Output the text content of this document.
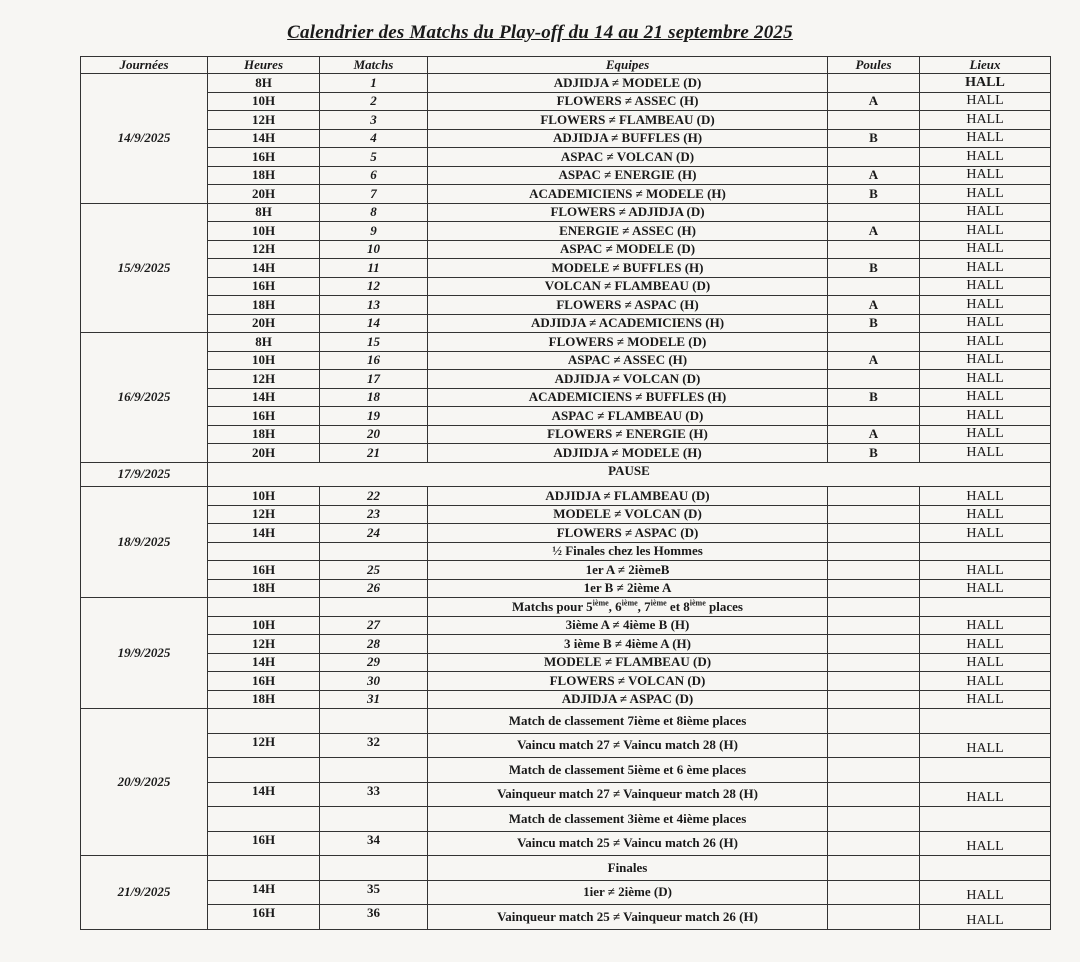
Calendrier des Matchs du Play-off du 14 au 21 septembre 2025
Journées	Heures	Matchs	Equipes	Poules	Lieux
14/9/2025	8H	1	ADJIDJA ≠ MODELE (D)		HALL
	10H	2	FLOWERS ≠ ASSEC (H)	A	HALL
	12H	3	FLOWERS ≠ FLAMBEAU (D)		HALL
	14H	4	ADJIDJA ≠ BUFFLES (H)	B	HALL
	16H	5	ASPAC ≠ VOLCAN (D)		HALL
	18H	6	ASPAC ≠ ENERGIE (H)	A	HALL
	20H	7	ACADEMICIENS ≠ MODELE (H)	B	HALL
15/9/2025	8H	8	FLOWERS ≠ ADJIDJA (D)		HALL
	10H	9	ENERGIE ≠ ASSEC (H)	A	HALL
	12H	10	ASPAC ≠ MODELE (D)		HALL
	14H	11	MODELE ≠ BUFFLES (H)	B	HALL
	16H	12	VOLCAN ≠ FLAMBEAU (D)		HALL
	18H	13	FLOWERS ≠ ASPAC (H)	A	HALL
	20H	14	ADJIDJA ≠ ACADEMICIENS (H)	B	HALL
16/9/2025	8H	15	FLOWERS ≠ MODELE (D)		HALL
	10H	16	ASPAC ≠ ASSEC (H)	A	HALL
	12H	17	ADJIDJA ≠ VOLCAN (D)		HALL
	14H	18	ACADEMICIENS ≠ BUFFLES (H)	B	HALL
	16H	19	ASPAC ≠ FLAMBEAU (D)		HALL
	18H	20	FLOWERS ≠ ENERGIE (H)	A	HALL
	20H	21	ADJIDJA ≠ MODELE (H)	B	HALL
17/9/2025	PAUSE				
18/9/2025	10H	22	ADJIDJA ≠ FLAMBEAU (D)		HALL
	12H	23	MODELE ≠ VOLCAN (D)		HALL
	14H	24	FLOWERS ≠ ASPAC (D)		HALL
			½ Finales chez les Hommes		
	16H	25	1er A ≠ 2ièmeB		HALL
	18H	26	1er B ≠ 2ième A		HALL
19/9/2025			Matchs pour 5ième, 6ième, 7ième et 8ième places		
	10H	27	3ième A ≠ 4ième B (H)		HALL
	12H	28	3 ième B ≠ 4ième A (H)		HALL
	14H	29	MODELE ≠ FLAMBEAU (D)		HALL
	16H	30	FLOWERS ≠ VOLCAN (D)		HALL
	18H	31	ADJIDJA ≠ ASPAC (D)		HALL
20/9/2025			Match de classement 7ième et 8ième places		
	12H	32	Vaincu match 27 ≠ Vaincu match 28 (H)		HALL
			Match de classement 5ième et 6 ème places		
	14H	33	Vainqueur match 27 ≠ Vainqueur match 28 (H)		HALL
			Match de classement 3ième et 4ième places		
	16H	34	Vaincu match 25 ≠ Vaincu match 26 (H)		HALL
21/9/2025			Finales		
	14H	35	1ier ≠ 2ième (D)		HALL
	16H	36	Vainqueur match 25 ≠ Vainqueur match 26 (H)		HALL
